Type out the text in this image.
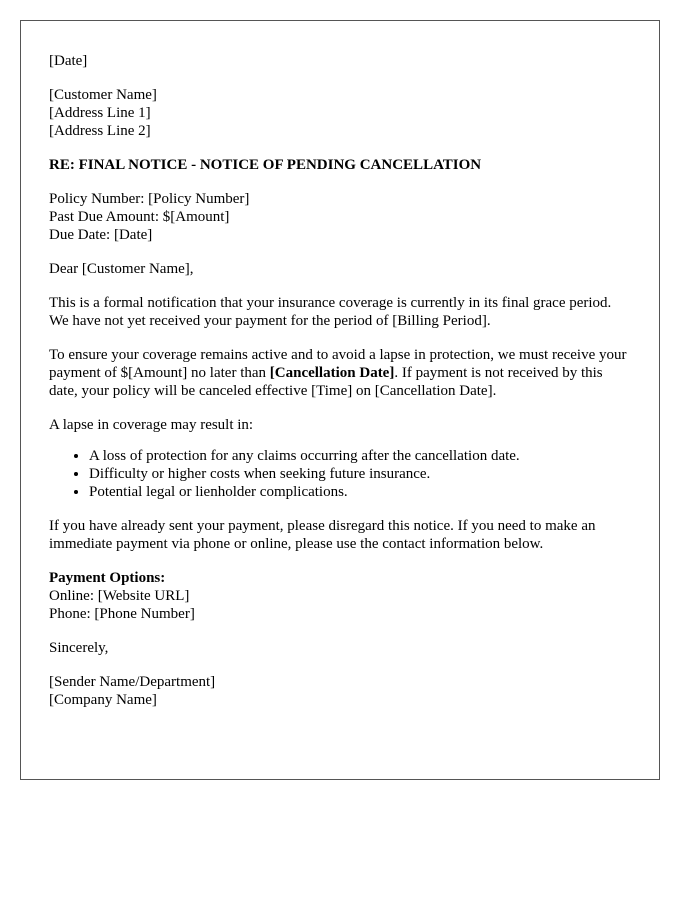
[Date]
[Customer Name]
[Address Line 1]
[Address Line 2]
RE: FINAL NOTICE - NOTICE OF PENDING CANCELLATION
Policy Number: [Policy Number]
Past Due Amount: $[Amount]
Due Date: [Date]
Dear [Customer Name],

This is a formal notification that your insurance coverage is currently in its final grace period. We have not yet received your payment for the period of [Billing Period].

To ensure your coverage remains active and to avoid a lapse in protection, we must receive your payment of $[Amount] no later than [Cancellation Date]. If payment is not received by this date, your policy will be canceled effective [Time] on [Cancellation Date].

A lapse in coverage may result in:
• A loss of protection for any claims occurring after the cancellation date.
• Difficulty or higher costs when seeking future insurance.
• Potential legal or lienholder complications.

If you have already sent your payment, please disregard this notice. If you need to make an immediate payment via phone or online, please use the contact information below.

Payment Options:
Online: [Website URL]
Phone: [Phone Number]
Sincerely,
[Sender Name/Department]
[Company Name]
